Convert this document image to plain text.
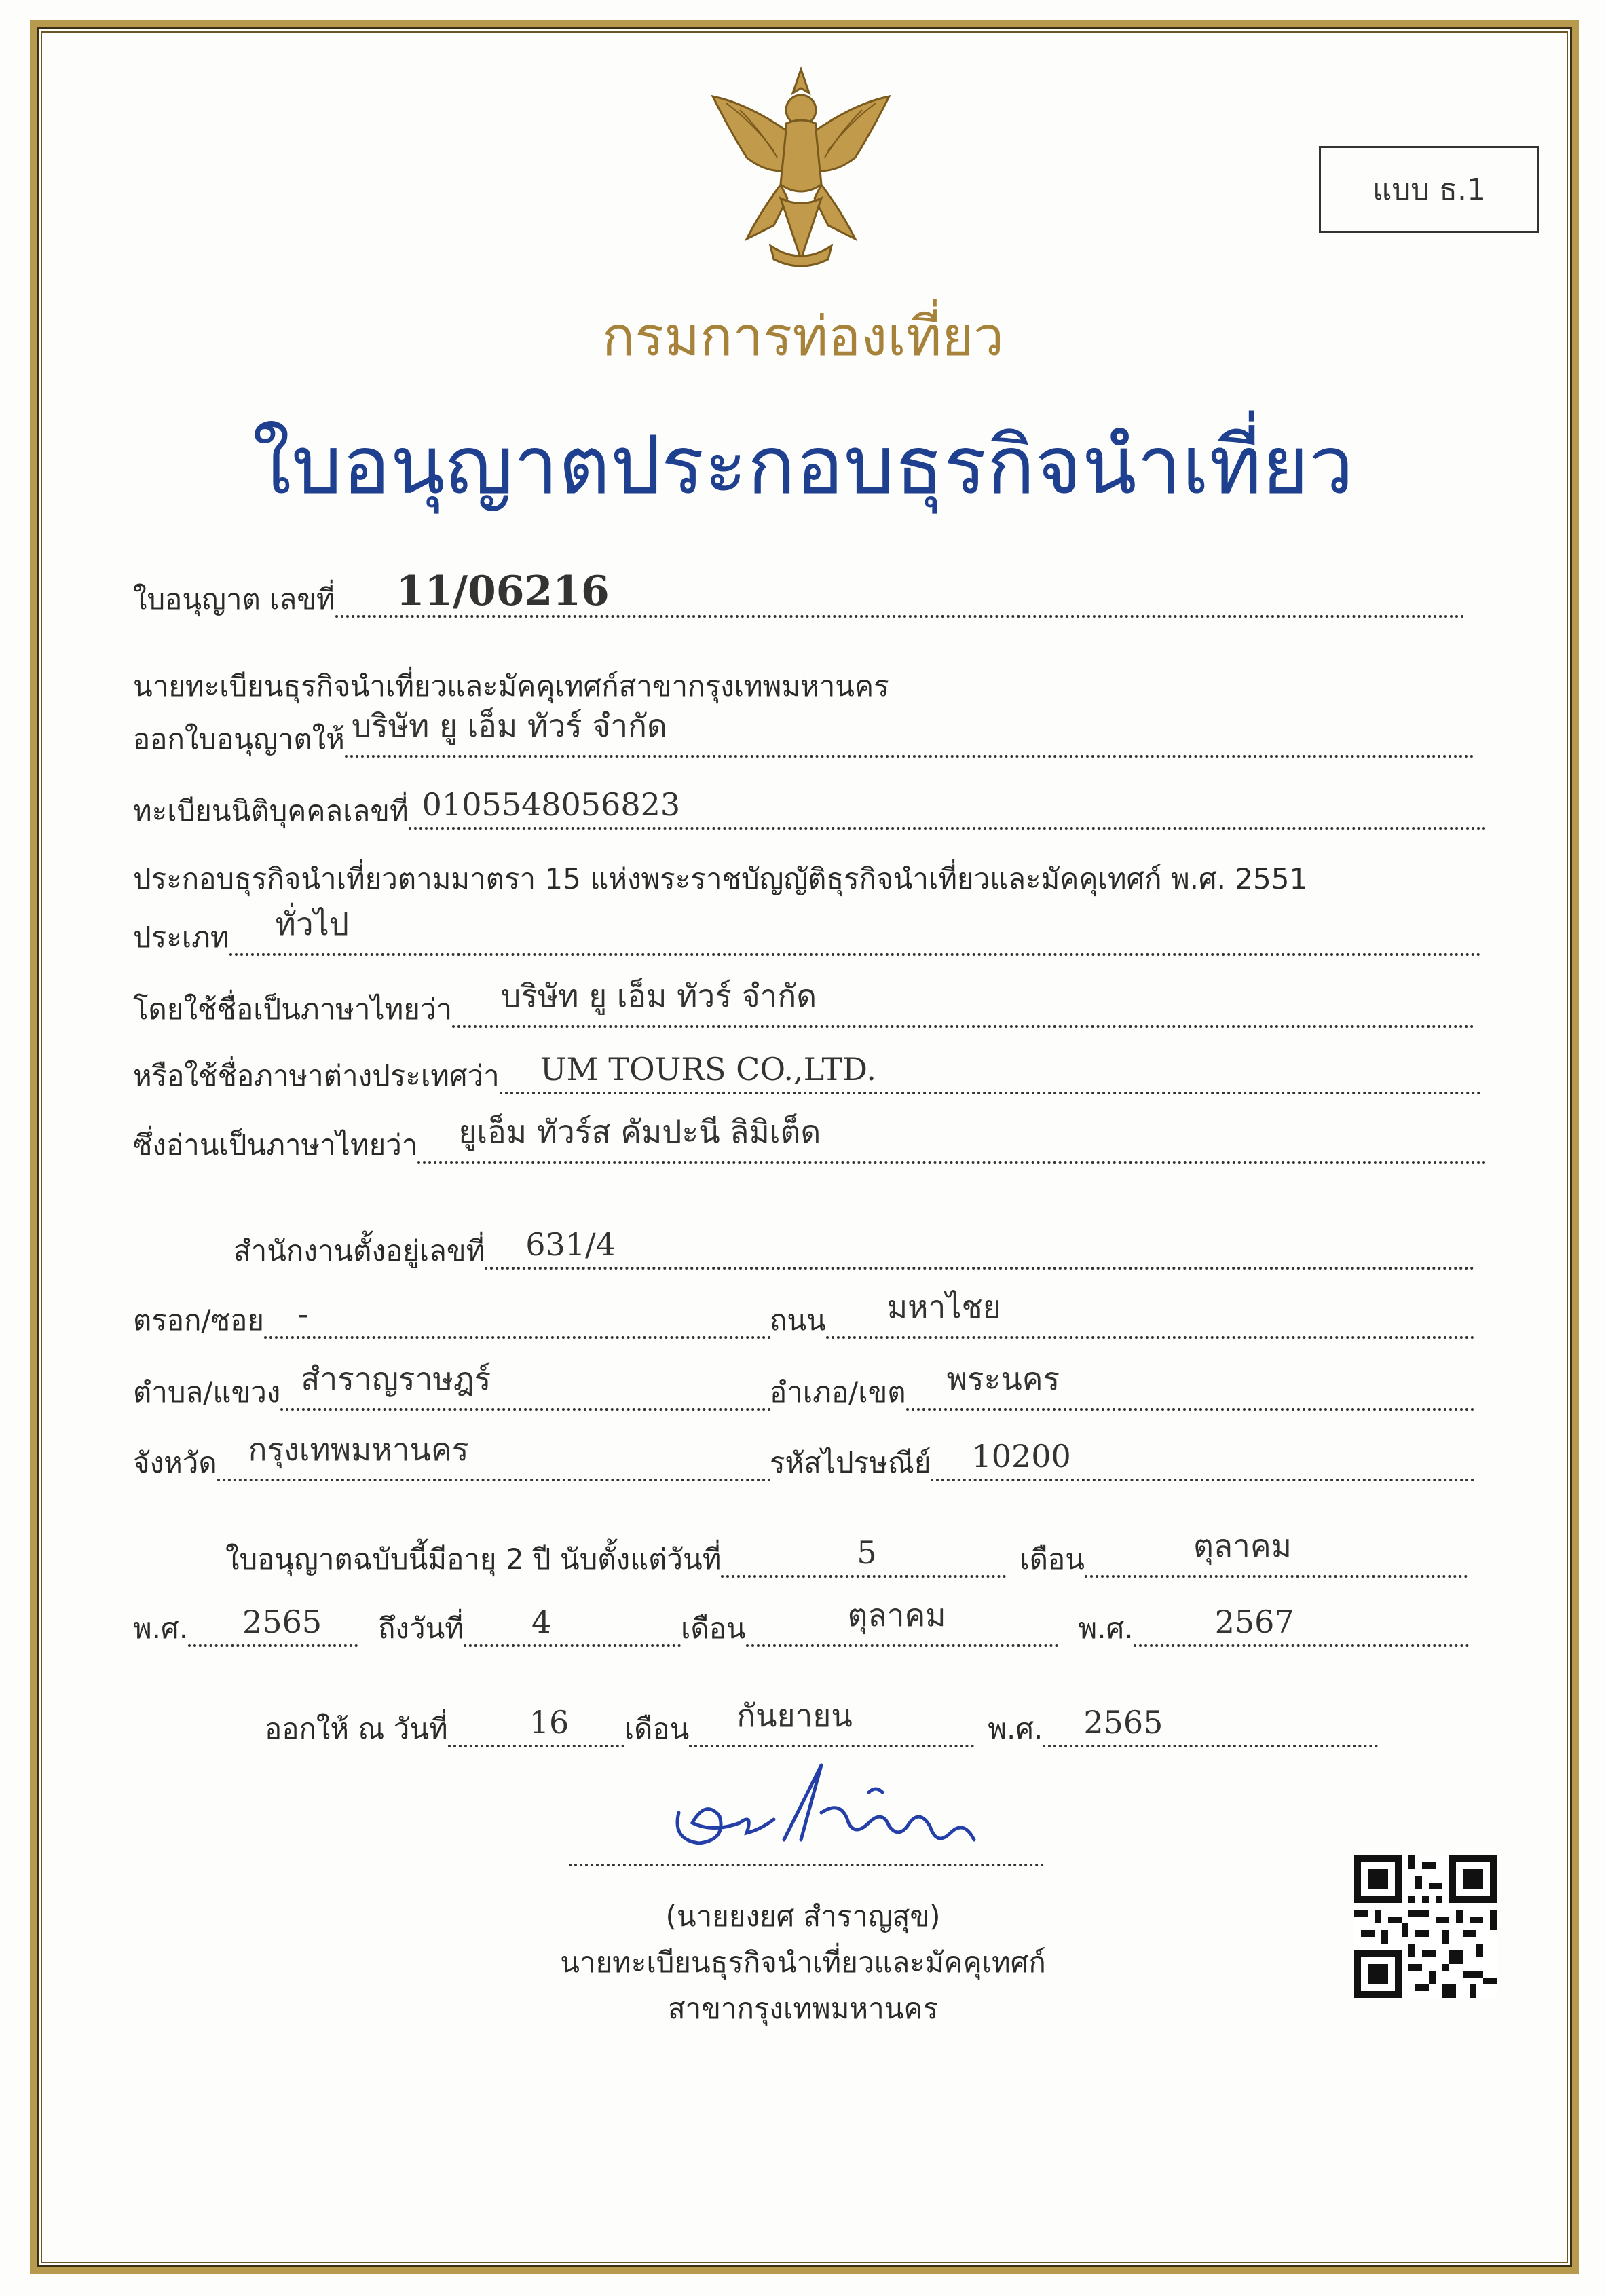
แบบ ธ.1
กรมการท่องเที่ยว
ใบอนุญาตประกอบธุรกิจนำเที่ยว
ใบอนุญาต เลขที่ 11/06216
นายทะเบียนธุรกิจนำเที่ยวและมัคคุเทศก์สาขากรุงเทพมหานคร
ออกใบอนุญาตให้ บริษัท ยู เอ็ม ทัวร์ จำกัด
ทะเบียนนิติบุคคลเลขที่ 0105548056823
ประกอบธุรกิจนำเที่ยวตามมาตรา 15 แห่งพระราชบัญญัติธุรกิจนำเที่ยวและมัคคุเทศก์ พ.ศ. 2551
ประเภท ทั่วไป
โดยใช้ชื่อเป็นภาษาไทยว่า บริษัท ยู เอ็ม ทัวร์ จำกัด
หรือใช้ชื่อภาษาต่างประเทศว่า UM TOURS CO.,LTD.
ซึ่งอ่านเป็นภาษาไทยว่า ยูเอ็ม ทัวร์ส คัมปะนี ลิมิเต็ด
สำนักงานตั้งอยู่เลขที่ 631/4
ตรอก/ซอย -	ถนน มหาไชย
ตำบล/แขวง สำราญราษฎร์	อำเภอ/เขต พระนคร
จังหวัด กรุงเทพมหานคร	รหัสไปรษณีย์ 10200
ใบอนุญาตฉบับนี้มีอายุ 2 ปี นับตั้งแต่วันที่	5	เดือน	ตุลาคม
พ.ศ. 2565 ถึงวันที่ 4	เดือน	ตุลาคม	พ.ศ.	2567
ออกให้ ณ วันที่	16 เดือน กันยายน	พ.ศ. 2565
(นายยงยศ สำราญสุข)
นายทะเบียนธุรกิจนำเที่ยวและมัคคุเทศก์
สาขากรุงเทพมหานคร
